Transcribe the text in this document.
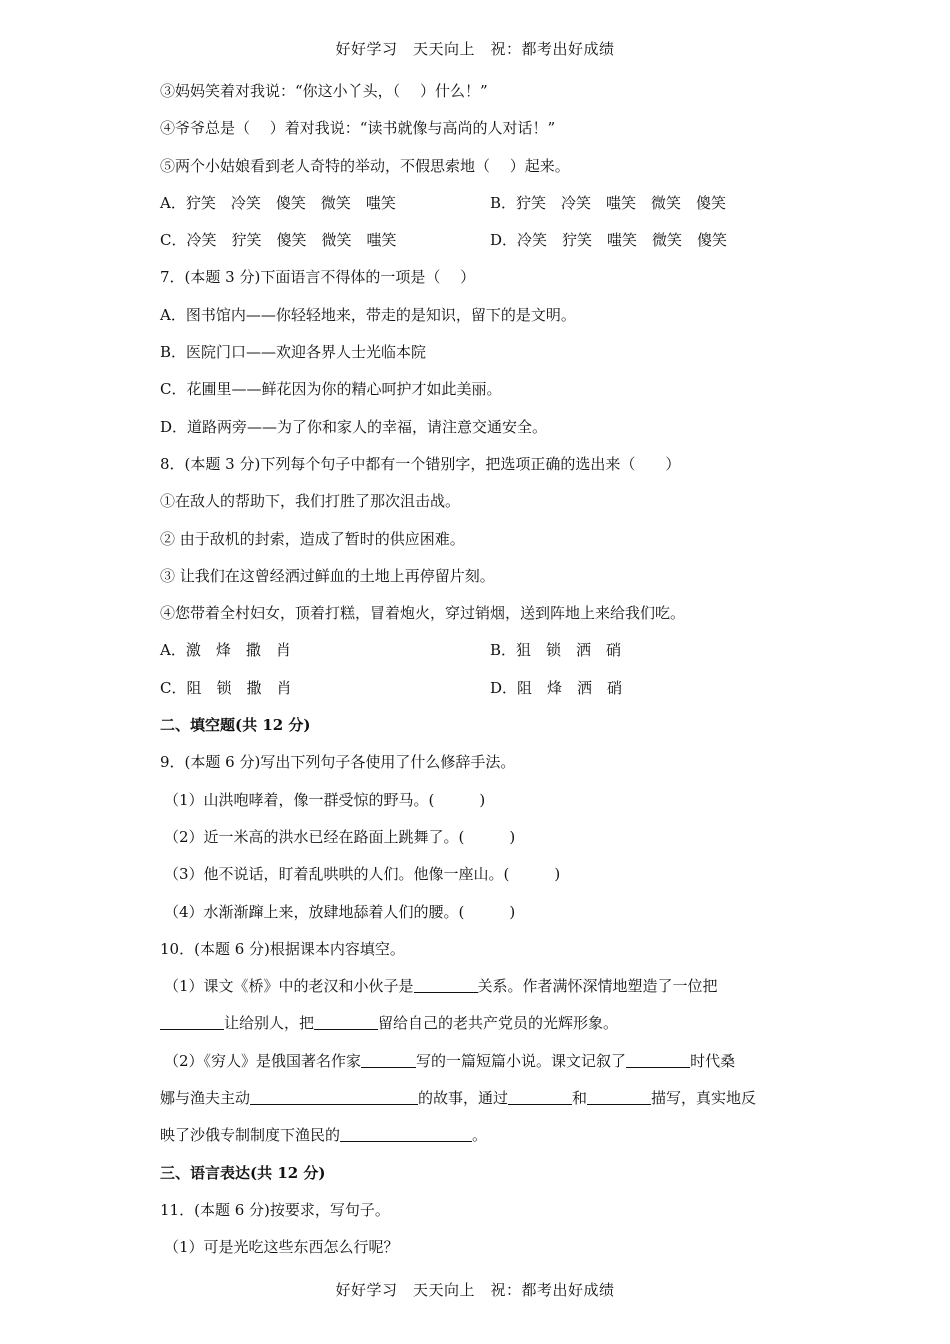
好好学习　天天向上　祝：都考出好成绩
③妈妈笑着对我说：“你这小丫头，（　 ）什么！”
④爷爷总是（　 ）着对我说：“读书就像与高尚的人对话！”
⑤两个小姑娘看到老人奇特的举动，不假思索地（　 ）起来。
A．狞笑　冷笑　傻笑　微笑　嗤笑	B．狞笑　冷笑　嗤笑　微笑　傻笑
C．冷笑　狞笑　傻笑　微笑　嗤笑	D．冷笑　狞笑　嗤笑　微笑　傻笑
7．(本题 3 分)下面语言不得体的一项是（　 ）
A．图书馆内——你轻轻地来，带走的是知识，留下的是文明。
B．医院门口——欢迎各界人士光临本院
C．花圃里——鲜花因为你的精心呵护才如此美丽。
D．道路两旁——为了你和家人的幸福，请注意交通安全。
8．(本题 3 分)下列每个句子中都有一个错别字，把选项正确的选出来（　　）
①在敌人的帮助下，我们打胜了那次沮击战。
② 由于敌机的封索，造成了暂时的供应困难。
③ 让我们在这曾经洒过鲜血的土地上再停留片刻。
④您带着全村妇女，顶着打糕，冒着炮火，穿过销烟，送到阵地上来给我们吃。
A．激　烽　撒　肖	B．狙　锁　洒　硝
C．阻　锁　撒　肖	D．阻　烽　洒　硝
二、填空题(共 12 分)
9．(本题 6 分)写出下列句子各使用了什么修辞手法。
（1）山洪咆哮着，像一群受惊的野马。(　　　)
（2）近一米高的洪水已经在路面上跳舞了。(　　　)
（3）他不说话，盯着乱哄哄的人们。他像一座山。(　　　)
（4）水渐渐蹿上来，放肆地舔着人们的腰。(　　　)
10．(本题 6 分)根据课本内容填空。
（1）课文《桥》中的老汉和小伙子是	关系。作者满怀深情地塑造了一位把
让给别人，把	留给自己的老共产党员的光辉形象。
（2）《穷人》是俄国著名作家	写的一篇短篇小说。课文记叙了	时代桑
娜与渔夫主动	的故事，通过	和	描写，真实地反
映了沙俄专制制度下渔民的	。
三、语言表达(共 12 分)
11．(本题 6 分)按要求，写句子。
（1）可是光吃这些东西怎么行呢？
好好学习　天天向上　祝：都考出好成绩
